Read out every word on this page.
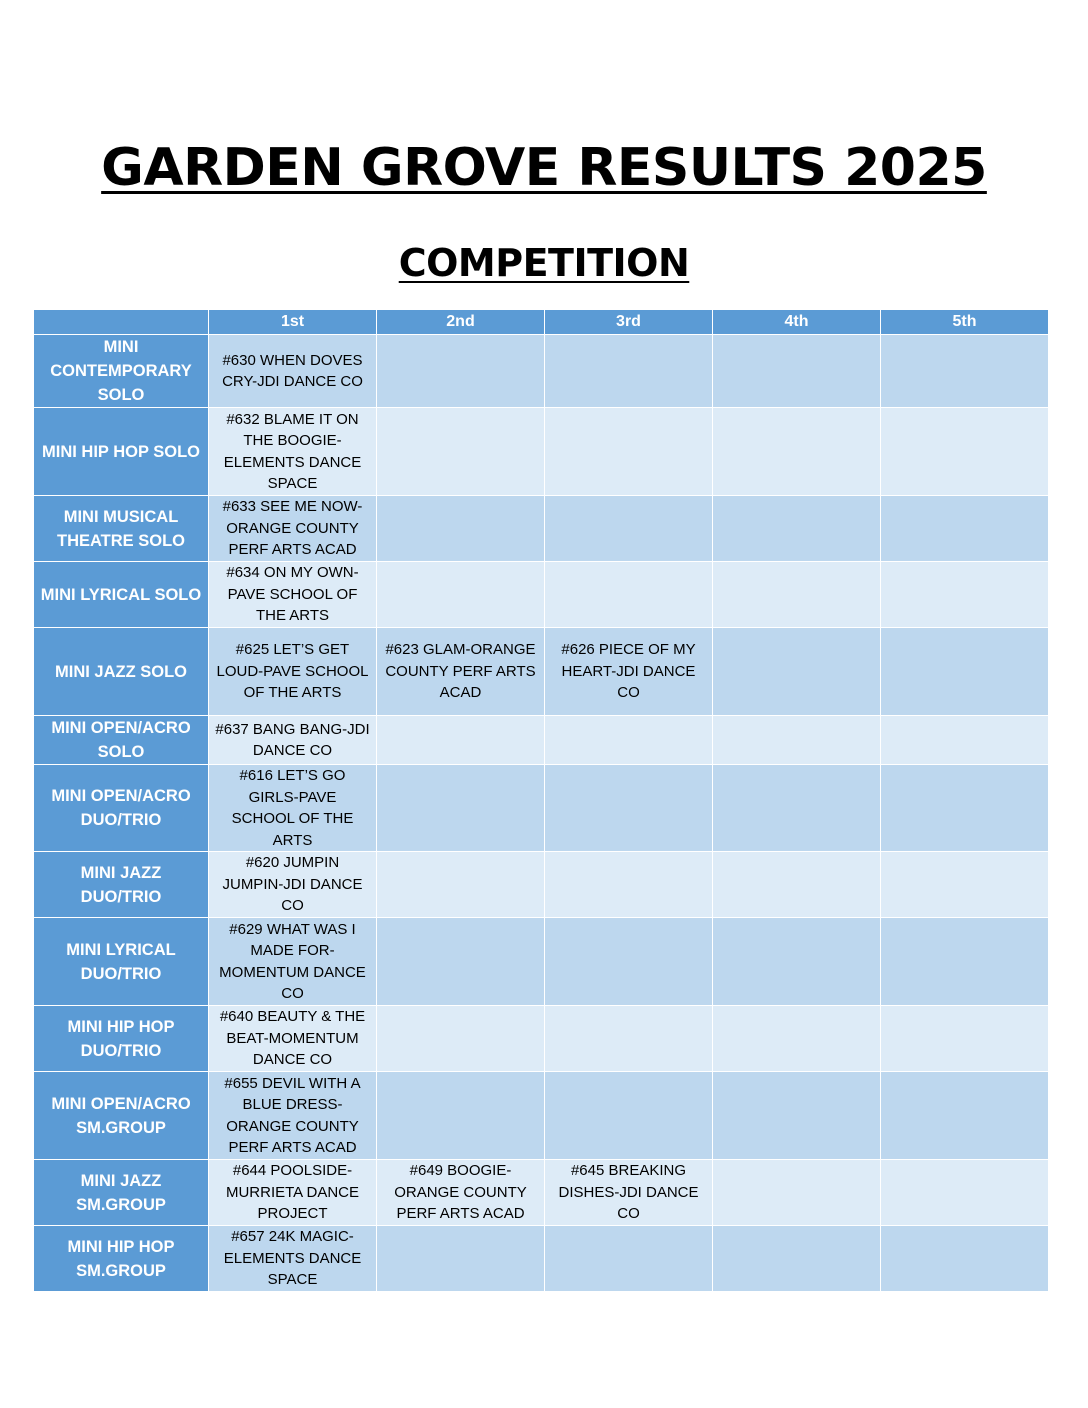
GARDEN GROVE RESULTS 2025
COMPETITION
	1st	2nd	3rd	4th	5th
MINI CONTEMPORARY SOLO	#630 WHEN DOVES CRY-JDI DANCE CO				
MINI HIP HOP SOLO	#632 BLAME IT ON THE BOOGIE-ELEMENTS DANCE SPACE				
MINI MUSICAL THEATRE SOLO	#633 SEE ME NOW-ORANGE COUNTY PERF ARTS ACAD				
MINI LYRICAL SOLO	#634 ON MY OWN-PAVE SCHOOL OF THE ARTS				
MINI JAZZ SOLO	#625 LET’S GET LOUD-PAVE SCHOOL OF THE ARTS	#623 GLAM-ORANGE COUNTY PERF ARTS ACAD	#626 PIECE OF MY HEART-JDI DANCE CO		
MINI OPEN/ACRO SOLO	#637 BANG BANG-JDI DANCE CO				
MINI OPEN/ACRO DUO/TRIO	#616 LET’S GO GIRLS-PAVE SCHOOL OF THE ARTS				
MINI JAZZ DUO/TRIO	#620 JUMPIN JUMPIN-JDI DANCE CO				
MINI LYRICAL DUO/TRIO	#629 WHAT WAS I MADE FOR-MOMENTUM DANCE CO				
MINI HIP HOP DUO/TRIO	#640 BEAUTY & THE BEAT-MOMENTUM DANCE CO				
MINI OPEN/ACRO SM.GROUP	#655 DEVIL WITH A BLUE DRESS-ORANGE COUNTY PERF ARTS ACAD				
MINI JAZZ SM.GROUP	#644 POOLSIDE-MURRIETA DANCE PROJECT	#649 BOOGIE-ORANGE COUNTY PERF ARTS ACAD	#645 BREAKING DISHES-JDI DANCE CO		
MINI HIP HOP SM.GROUP	#657 24K MAGIC-ELEMENTS DANCE SPACE				
